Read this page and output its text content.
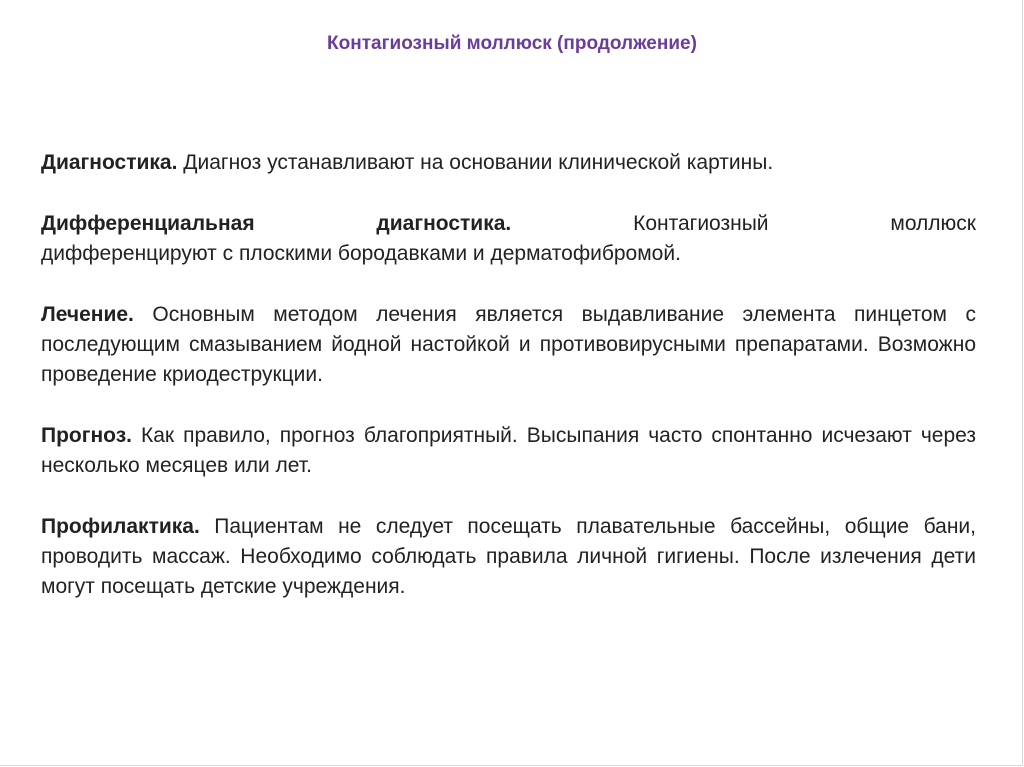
Контагиозный моллюск (продолжение)

Диагностика. Диагноз устанавливают на основании клинической картины.

Дифференциальная диагностика. Контагиозный моллюск
дифференцируют с плоскими бородавками и дерматофибромой.

Лечение. Основным методом лечения является выдавливание элемента пинцетом с последующим смазыванием йодной настойкой и противовирусными препаратами. Возможно проведение криодеструкции.

Прогноз. Как правило, прогноз благоприятный. Высыпания часто спонтанно исчезают через несколько месяцев или лет.

Профилактика. Пациентам не следует посещать плавательные бассейны, общие бани, проводить массаж. Необходимо соблюдать правила личной гигиены. После излечения дети могут посещать детские учреждения.
